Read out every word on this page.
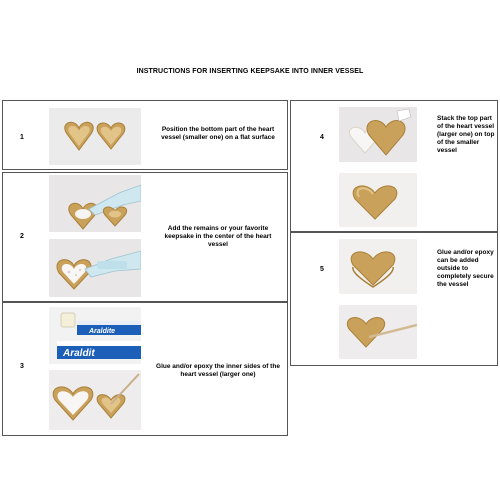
INSTRUCTIONS FOR INSERTING KEEPSAKE INTO INNER VESSEL
1
Position the bottom part of the heart vessel (smaller one) on a flat surface
2
Add the remains or your favorite keepsake in the center of the heart vessel
3
Araldite
Araldit
Glue and/or epoxy the inner sides of the heart vessel (larger one)
4
Stack the top part of the heart vessel (larger one) on top of the smaller vessel
5
Glue and/or epoxy can be added outside to completely secure the vessel
